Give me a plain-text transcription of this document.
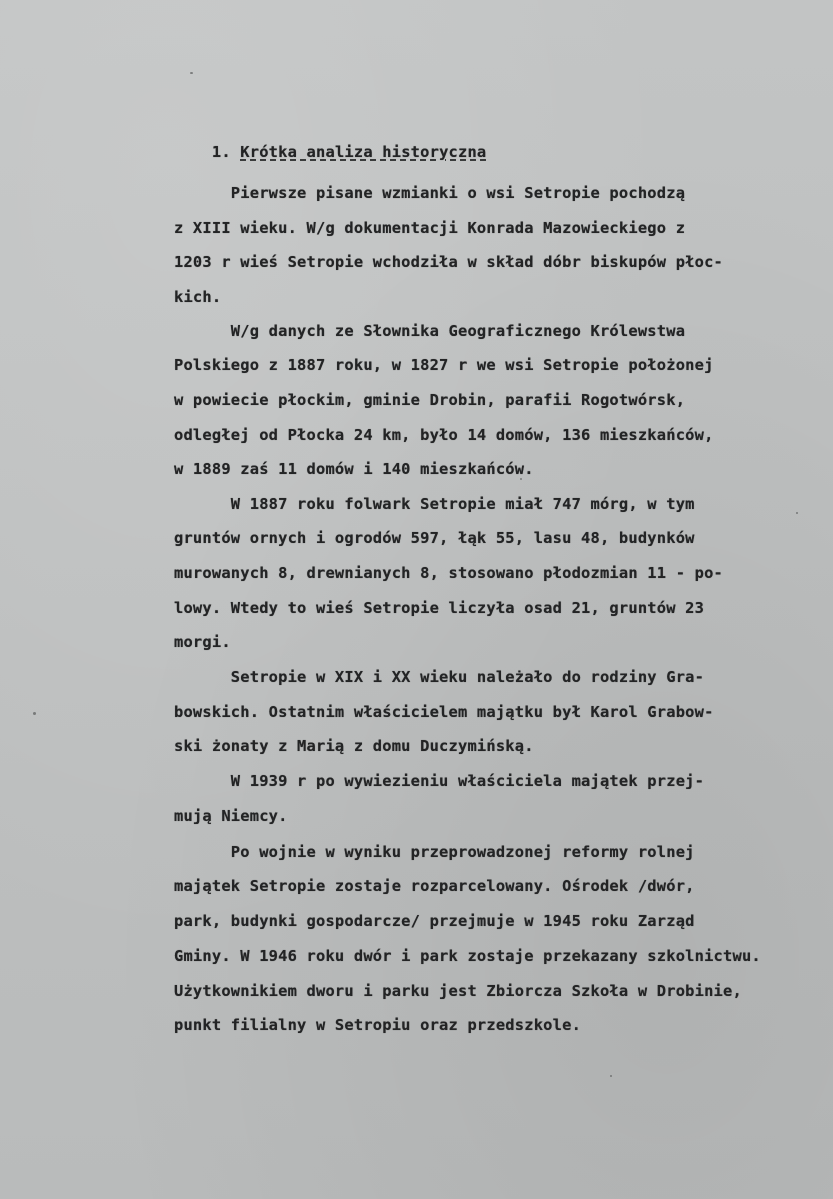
1. Krótka analiza historyczna

Pierwsze pisane wzmianki o wsi Setropie pochodzą
z XIII wieku. W/g dokumentacji Konrada Mazowieckiego z
1203 r wieś Setropie wchodziła w skład dóbr biskupów płoc-
kich.
W/g danych ze Słownika Geograficznego Królewstwa
Polskiego z 1887 roku, w 1827 r we wsi Setropie położonej
w powiecie płockim, gminie Drobin, parafii Rogotwórsk,
odległej od Płocka 24 km, było 14 domów, 136 mieszkańców,
w 1889 zaś 11 domów i 140 mieszkańców.
W 1887 roku folwark Setropie miał 747 mórg, w tym
gruntów ornych i ogrodów 597, łąk 55, lasu 48, budynków
murowanych 8, drewnianych 8, stosowano płodozmian 11 - po-
lowy. Wtedy to wieś Setropie liczyła osad 21, gruntów 23
morgi.
Setropie w XIX i XX wieku należało do rodziny Gra-
bowskich. Ostatnim właścicielem majątku był Karol Grabow-
ski żonaty z Marią z domu Duczymińską.
W 1939 r po wywiezieniu właściciela majątek przej-
mują Niemcy.
Po wojnie w wyniku przeprowadzonej reformy rolnej
majątek Setropie zostaje rozparcelowany. Ośrodek /dwór,
park, budynki gospodarcze/ przejmuje w 1945 roku Zarząd
Gminy. W 1946 roku dwór i park zostaje przekazany szkolnictwu.
Użytkownikiem dworu i parku jest Zbiorcza Szkoła w Drobinie,
punkt filialny w Setropiu oraz przedszkole.
